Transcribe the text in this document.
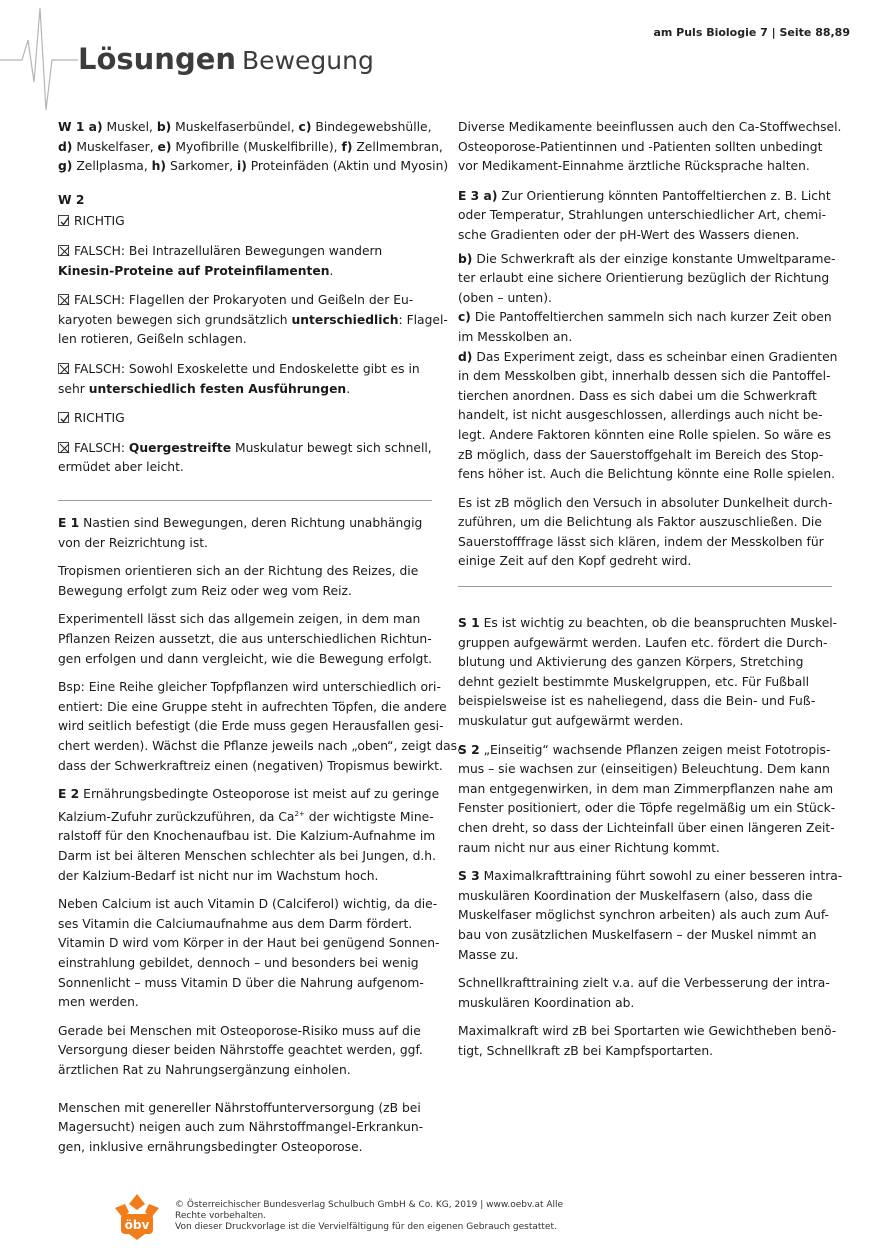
am Puls Biologie 7 | Seite 88,89
Lösungen Bewegung

W 1 a) Muskel, b) Muskelfaserbündel, c) Bindegewebshülle,
d) Muskelfaser, e) Myofibrille (Muskelfibrille), f) Zellmembran,
g) Zellplasma, h) Sarkomer, i) Proteinfäden (Aktin und Myosin)

W 2

RICHTIG

FALSCH: Bei Intrazellulären Bewegungen wandern
Kinesin-Proteine auf Proteinfilamenten.

FALSCH: Flagellen der Prokaryoten und Geißeln der Eu-
karyoten bewegen sich grundsätzlich unterschiedlich: Flagel-
len rotieren, Geißeln schlagen.

FALSCH: Sowohl Exoskelette und Endoskelette gibt es in
sehr unterschiedlich festen Ausführungen.

RICHTIG

FALSCH: Quergestreifte Muskulatur bewegt sich schnell,
ermüdet aber leicht.

E 1 Nastien sind Bewegungen, deren Richtung unabhängig
von der Reizrichtung ist.

Tropismen orientieren sich an der Richtung des Reizes, die
Bewegung erfolgt zum Reiz oder weg vom Reiz.

Experimentell lässt sich das allgemein zeigen, in dem man
Pflanzen Reizen aussetzt, die aus unterschiedlichen Richtun-
gen erfolgen und dann vergleicht, wie die Bewegung erfolgt.

Bsp: Eine Reihe gleicher Topfpflanzen wird unterschiedlich ori-
entiert: Die eine Gruppe steht in aufrechten Töpfen, die andere
wird seitlich befestigt (die Erde muss gegen Herausfallen gesi-
chert werden). Wächst die Pflanze jeweils nach „oben“, zeigt das,
dass der Schwerkraftreiz einen (negativen) Tropismus bewirkt.

E 2 Ernährungsbedingte Osteoporose ist meist auf zu geringe
Kalzium-Zufuhr zurückzuführen, da $Ca^{2+}$ der wichtigste Mine-
ralstoff für den Knochenaufbau ist. Die Kalzium-Aufnahme im
Darm ist bei älteren Menschen schlechter als bei Jungen, d.h.
der Kalzium-Bedarf ist nicht nur im Wachstum hoch.

Neben Calcium ist auch Vitamin D (Calciferol) wichtig, da die-
ses Vitamin die Calciumaufnahme aus dem Darm fördert.
Vitamin D wird vom Körper in der Haut bei genügend Sonnen-
einstrahlung gebildet, dennoch – und besonders bei wenig
Sonnenlicht – muss Vitamin D über die Nahrung aufgenom-
men werden.

Gerade bei Menschen mit Osteoporose-Risiko muss auf die
Versorgung dieser beiden Nährstoffe geachtet werden, ggf.
ärztlichen Rat zu Nahrungsergänzung einholen.

Menschen mit genereller Nährstoffunterversorgung (zB bei
Magersucht) neigen auch zum Nährstoffmangel-Erkrankun-
gen, inklusive ernährungsbedingter Osteoporose.

Diverse Medikamente beeinflussen auch den Ca-Stoffwechsel.
Osteoporose-Patientinnen und -Patienten sollten unbedingt
vor Medikament-Einnahme ärztliche Rücksprache halten.

E 3 a) Zur Orientierung könnten Pantoffeltierchen z. B. Licht
oder Temperatur, Strahlungen unterschiedlicher Art, chemi-
sche Gradienten oder der pH-Wert des Wassers dienen.

b) Die Schwerkraft als der einzige konstante Umweltparame-
ter erlaubt eine sichere Orientierung bezüglich der Richtung
(oben – unten).

c) Die Pantoffeltierchen sammeln sich nach kurzer Zeit oben
im Messkolben an.

d) Das Experiment zeigt, dass es scheinbar einen Gradienten
in dem Messkolben gibt, innerhalb dessen sich die Pantoffel-
tierchen anordnen. Dass es sich dabei um die Schwerkraft
handelt, ist nicht ausgeschlossen, allerdings auch nicht be-
legt. Andere Faktoren könnten eine Rolle spielen. So wäre es
zB möglich, dass der Sauerstoffgehalt im Bereich des Stop-
fens höher ist. Auch die Belichtung könnte eine Rolle spielen.

Es ist zB möglich den Versuch in absoluter Dunkelheit durch-
zuführen, um die Belichtung als Faktor auszuschließen. Die
Sauerstofffrage lässt sich klären, indem der Messkolben für
einige Zeit auf den Kopf gedreht wird.

S 1 Es ist wichtig zu beachten, ob die beanspruchten Muskel-
gruppen aufgewärmt werden. Laufen etc. fördert die Durch-
blutung und Aktivierung des ganzen Körpers, Stretching
dehnt gezielt bestimmte Muskelgruppen, etc. Für Fußball
beispielsweise ist es naheliegend, dass die Bein- und Fuß-
muskulatur gut aufgewärmt werden.

S 2 „Einseitig“ wachsende Pflanzen zeigen meist Fototropis-
mus – sie wachsen zur (einseitigen) Beleuchtung. Dem kann
man entgegenwirken, in dem man Zimmerpflanzen nahe am
Fenster positioniert, oder die Töpfe regelmäßig um ein Stück-
chen dreht, so dass der Lichteinfall über einen längeren Zeit-
raum nicht nur aus einer Richtung kommt.

S 3 Maximalkrafttraining führt sowohl zu einer besseren intra-
muskulären Koordination der Muskelfasern (also, dass die
Muskelfaser möglichst synchron arbeiten) als auch zum Auf-
bau von zusätzlichen Muskelfasern – der Muskel nimmt an
Masse zu.

Schnellkrafttraining zielt v.a. auf die Verbesserung der intra-
muskulären Koordination ab.

Maximalkraft wird zB bei Sportarten wie Gewichtheben benö-
tigt, Schnellkraft zB bei Kampfsportarten.

öbv
© Österreichischer Bundesverlag Schulbuch GmbH & Co. KG, 2019 | www.oebv.at Alle
Rechte vorbehalten.
Von dieser Druckvorlage ist die Vervielfältigung für den eigenen Gebrauch gestattet.
